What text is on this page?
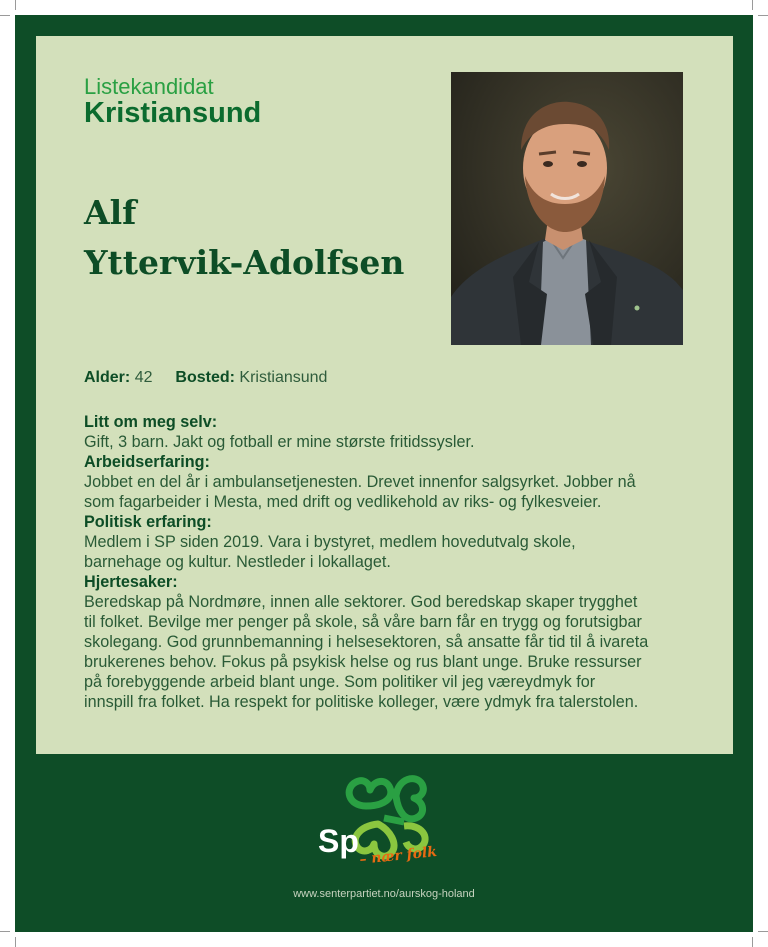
Listekandidat
Kristiansund
Alf
Yttervik-Adolfsen
Alder: 42 Bosted: Kristiansund
Litt om meg selv:
Gift, 3 barn. Jakt og fotball er mine største fritidssysler.
Arbeidserfaring:
Jobbet en del år i ambulansetjenesten. Drevet innenfor salgsyrket. Jobber nå
som fagarbeider i Mesta, med drift og vedlikehold av riks- og fylkesveier.
Politisk erfaring:
Medlem i SP siden 2019. Vara i bystyret, medlem hovedutvalg skole,
barnehage og kultur. Nestleder i lokallaget.
Hjertesaker:
Beredskap på Nordmøre, innen alle sektorer. God beredskap skaper trygghet
til folket. Bevilge mer penger på skole, så våre barn får en trygg og forutsigbar
skolegang. God grunnbemanning i helsesektoren, så ansatte får tid til å ivareta
brukerenes behov. Fokus på psykisk helse og rus blant unge. Bruke ressurser
på forebyggende arbeid blant unge. Som politiker vil jeg væreydmyk for
innspill fra folket. Ha respekt for politiske kolleger, være ydmyk fra talerstolen.
Sp – nær folk
www.senterpartiet.no/aurskog-holand
